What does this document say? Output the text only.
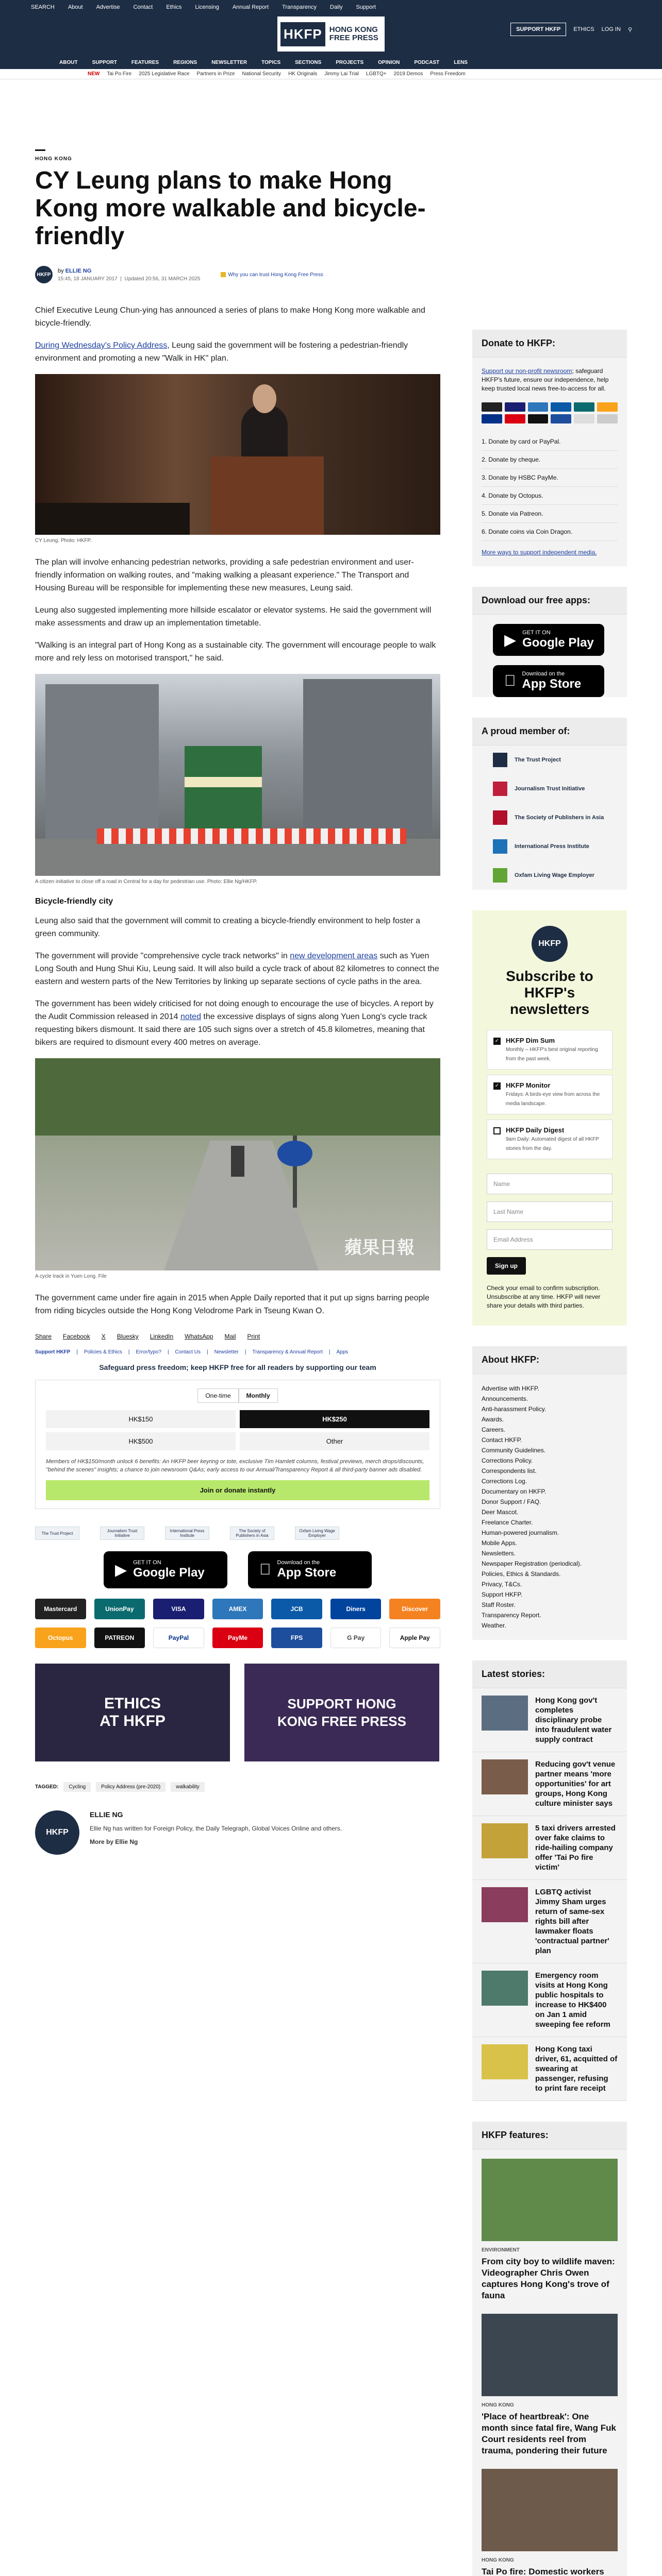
SEARCH About Advertise Contact Ethics Licensing Annual Report Transparency Daily Support
HKFP HONG KONG
FREE PRESS
SUPPORT HKFP	ETHICS LOG IN ⚲
ABOUT	SUPPORT	FEATURES	REGIONS	NEWSLETTER	TOPICS	SECTIONS	PROJECTS	OPINION	PODCAST	LENS
NEW Tai Po Fire 2025 Legislative Race Partners in Prize National Security HK Originals Jimmy Lai Trial LGBTQ+ 2019 Demos Press Freedom
HONG KONG
CY Leung plans to make Hong Kong more walkable and bicycle-friendly
HKFP
by ELLIE NG
15:45, 18 JANUARY 2017  |  Updated 20:56, 31 MARCH 2025
Why you can trust Hong Kong Free Press

Chief Executive Leung Chun-ying has announced a series of plans to make Hong Kong more walkable and bicycle-friendly.

During Wednesday's Policy Address, Leung said the government will be fostering a pedestrian-friendly environment and promoting a new "Walk in HK" plan.

CY Leung. Photo: HKFP.

The plan will involve enhancing pedestrian networks, providing a safe pedestrian environment and user-friendly information on walking routes, and "making walking a pleasant experience." The Transport and Housing Bureau will be responsible for implementing these new measures, Leung said.

Leung also suggested implementing more hillside escalator or elevator systems. He said the government will make assessments and draw up an implementation timetable.

"Walking is an integral part of Hong Kong as a sustainable city. The government will encourage people to walk more and rely less on motorised transport," he said.

A citizen initiative to close off a road in Central for a day for pedestrian use. Photo: Ellie Ng/HKFP.
Bicycle-friendly city

Leung also said that the government will commit to creating a bicycle-friendly environment to help foster a green community.

The government will provide "comprehensive cycle track networks" in new development areas such as Yuen Long South and Hung Shui Kiu, Leung said. It will also build a cycle track of about 82 kilometres to connect the eastern and western parts of the New Territories by linking up separate sections of cycle paths in the area.

The government has been widely criticised for not doing enough to encourage the use of bicycles. A report by the Audit Commission released in 2014 noted the excessive displays of signs along Yuen Long's cycle track requesting bikers dismount. It said there are 105 such signs over a stretch of 45.8 kilometres, meaning that bikers are required to dismount every 400 metres on average.

蘋果日報
A cycle track in Yuen Long. File

The government came under fire again in 2015 when Apple Daily reported that it put up signs barring people from riding bicycles outside the Hong Kong Velodrome Park in Tseung Kwan O.

Share Facebook X Bluesky LinkedIn WhatsApp Mail Print
Support HKFP | Policies & Ethics | Error/typo? | Contact Us | Newsletter | Transparency & Annual Report | Apps
Safeguard press freedom; keep HKFP free for all readers by supporting our team
One-time	Monthly
HK$150	HK$250
HK$500	Other
Members of HK$150/month unlock 6 benefits: An HKFP beer keyring or tote, exclusive Tim Hamlett columns, festival previews, merch drops/discounts, "behind the scenes" insights; a chance to join newsroom Q&As; early access to our Annual/Transparency Report & all third-party banner ads disabled.
Join or donate instantly
The Trust Project	Journalism Trust Initiative
International Press Institute
The Society of Publishers in Asia
Oxfam Living Wage Employer
▶ GET IT ON
Google Play
Download on the
App Store
Mastercard	UnionPay	VISA	AMEX	JCB	Diners	Discover
Octopus	PATREON	PayPal	PayMe	FPS	G Pay	Apple Pay
ETHICS
AT HKFP
SUPPORT HONG KONG FREE PRESS
TAGGED:	Cycling	Policy Address (pre-2020)	walkability
HKFP
ELLIE NG

Ellie Ng has written for Foreign Policy, the Daily Telegraph, Global Voices Online and others.

More by Ellie Ng

Donate to HKFP:

Support our non-profit newsroom; safeguard HKFP's future, ensure our independence, help keep trusted local news free-to-access for all.

1. Donate by card or PayPal.
2. Donate by cheque.
3. Donate by HSBC PayMe.
4. Donate by Octopus.
5. Donate via Patreon.
6. Donate coins via Coin Dragon.

More ways to support independent media.

Download our free apps:
▶ GET IT ON
Google Play
Download on the
App Store
A proud member of:
The Trust Project
Journalism Trust Initiative
The Society of Publishers in Asia
International Press Institute
Oxfam Living Wage Employer
HKFP
Subscribe to HKFP's newsletters
✓ HKFP Dim Sum
Monthly – HKFP's best original reporting from the past week.
✓ HKFP Monitor
Fridays: A birds-eye view from across the media landscape.
HKFP Daily Digest
9am Daily: Automated digest of all HKFP stories from the day.
Name
Last Name
Email Address
Sign up

Check your email to confirm subscription. Unsubscribe at any time. HKFP will never share your details with third parties.

About HKFP:
Advertise with HKFP.
Announcements.
Anti-harassment Policy.
Awards.
Careers.
Contact HKFP.
Community Guidelines.
Corrections Policy.
Correspondents list.
Corrections Log.
Documentary on HKFP.
Donor Support / FAQ.
Deer Mascot.
Freelance Charter.
Human-powered journalism.
Mobile Apps.
Newsletters.
Newspaper Registration (periodical).
Policies, Ethics & Standards.
Privacy, T&Cs.
Support HKFP.
Staff Roster.
Transparency Report.
Weather.
Latest stories:
Hong Kong gov't completes disciplinary probe into fraudulent water supply contract
Reducing gov't venue partner means 'more opportunities' for art groups, Hong Kong culture minister says
5 taxi drivers arrested over fake claims to ride-hailing company offer 'Tai Po fire victim'
LGBTQ activist Jimmy Sham urges return of same-sex rights bill after lawmaker floats 'contractual partner' plan
Emergency room visits at Hong Kong public hospitals to increase to HK$400 on Jan 1 amid sweeping fee reform
Hong Kong taxi driver, 61, acquitted of swearing at passenger, refusing to print fare receipt
HKFP features:
ENVIRONMENT
From city boy to wildlife maven: Videographer Chris Owen captures Hong Kong's trove of fauna
HONG KONG
'Place of heartbreak': One month since fatal fire, Wang Fuk Court residents reel from trauma, pondering their future
HONG KONG
Tai Po fire: Domestic workers
